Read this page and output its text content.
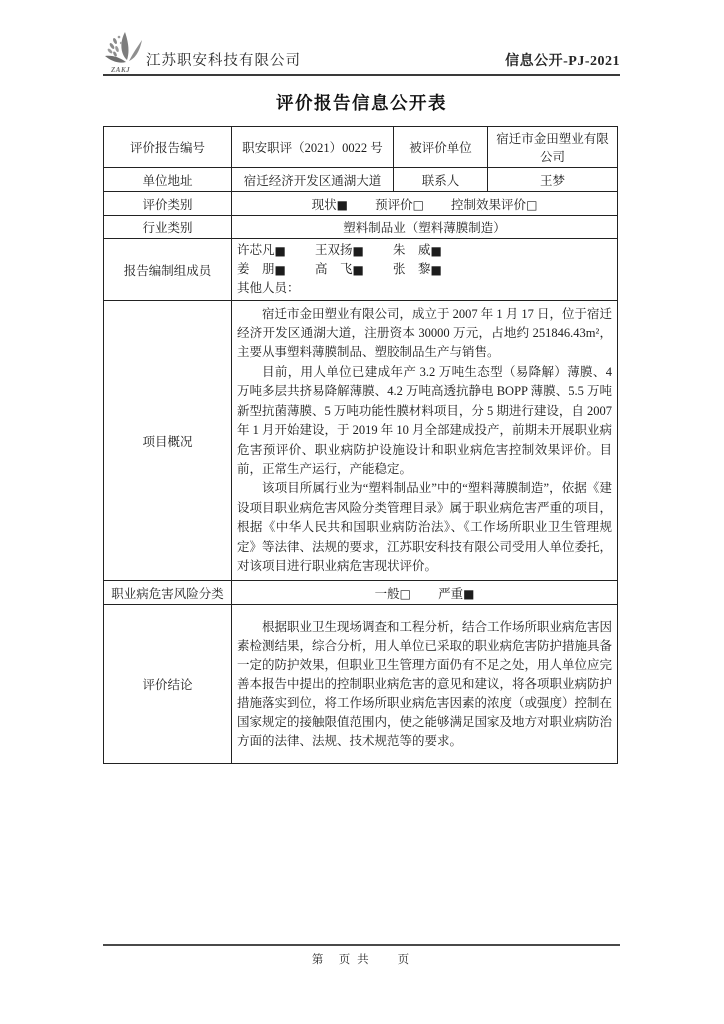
ZAKJ
江苏职安科技有限公司	信息公开-PJ-2021
评价报告信息公开表
评价报告编号	职安职评（2021）0022 号	被评价单位	宿迁市金田塑业有限公司
单位地址	宿迁经济开发区通湖大道	联系人	王梦
评价类别	现状■ 预评价□ 控制效果评价□		
行业类别	塑料制品业（塑料薄膜制造）		
报告编制组成员	许芯凡■ 王双扬■ 朱　威■
姜　朋■ 高　飞■ 张　黎■
其他人员：		

项目概况	宿迁市金田塑业有限公司，成立于 2007 年 1 月 17 日，位于宿迁经济开发区通湖大道，注册资本 30000 万元，占地约 251846.43m²，主要从事塑料薄膜制品、塑胶制品生产与销售。

目前，用人单位已建成年产 3.2 万吨生态型（易降解）薄膜、4 万吨多层共挤易降解薄膜、4.2 万吨高透抗静电 BOPP 薄膜、5.5 万吨新型抗菌薄膜、5 万吨功能性膜材料项目，分 5 期进行建设，自 2007 年 1 月开始建设，于 2019 年 10 月全部建成投产，前期未开展职业病危害预评价、职业病防护设施设计和职业病危害控制效果评价。目前，正常生产运行，产能稳定。

该项目所属行业为“塑料制品业”中的“塑料薄膜制造”，依据《建设项目职业病危害风险分类管理目录》属于职业病危害严重的项目，根据《中华人民共和国职业病防治法》、《工作场所职业卫生管理规定》等法律、法规的要求，江苏职安科技有限公司受用人单位委托，对该项目进行职业病危害现状评价。		

职业病危害风险分类	一般□ 严重■		
评价结论	根据职业卫生现场调查和工程分析，结合工作场所职业病危害因素检测结果，综合分析，用人单位已采取的职业病危害防护措施具备一定的防护效果，但职业卫生管理方面仍有不足之处，用人单位应完善本报告中提出的控制职业病危害的意见和建议，将各项职业病防护措施落实到位，将工作场所职业病危害因素的浓度（或强度）控制在国家规定的接触限值范围内，使之能够满足国家及地方对职业病防治方面的法律、法规、技术规范等的要求。		

第　页 共　　页
